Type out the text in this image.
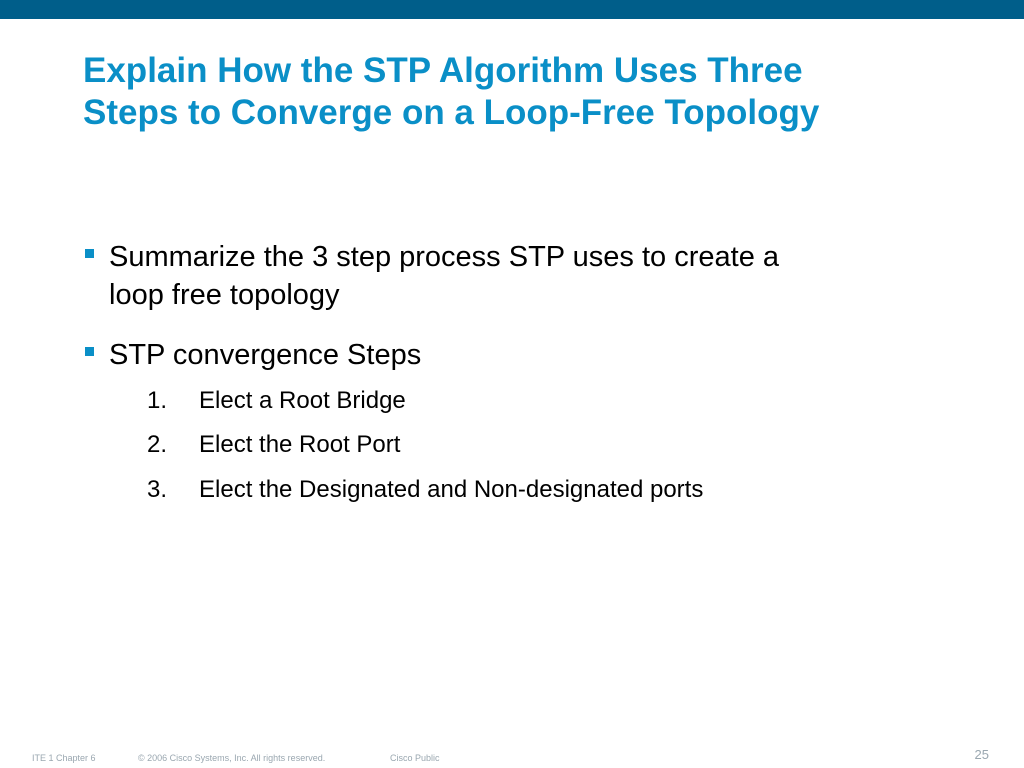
Explain How the STP Algorithm Uses Three
Steps to Converge on a Loop-Free Topology
Summarize the 3 step process STP uses to create a
loop free topology
STP convergence Steps
1. Elect a Root Bridge
2. Elect the Root Port
3. Elect the Designated and Non-designated ports
ITE 1 Chapter 6	© 2006 Cisco Systems, Inc. All rights reserved.	Cisco Public	25
